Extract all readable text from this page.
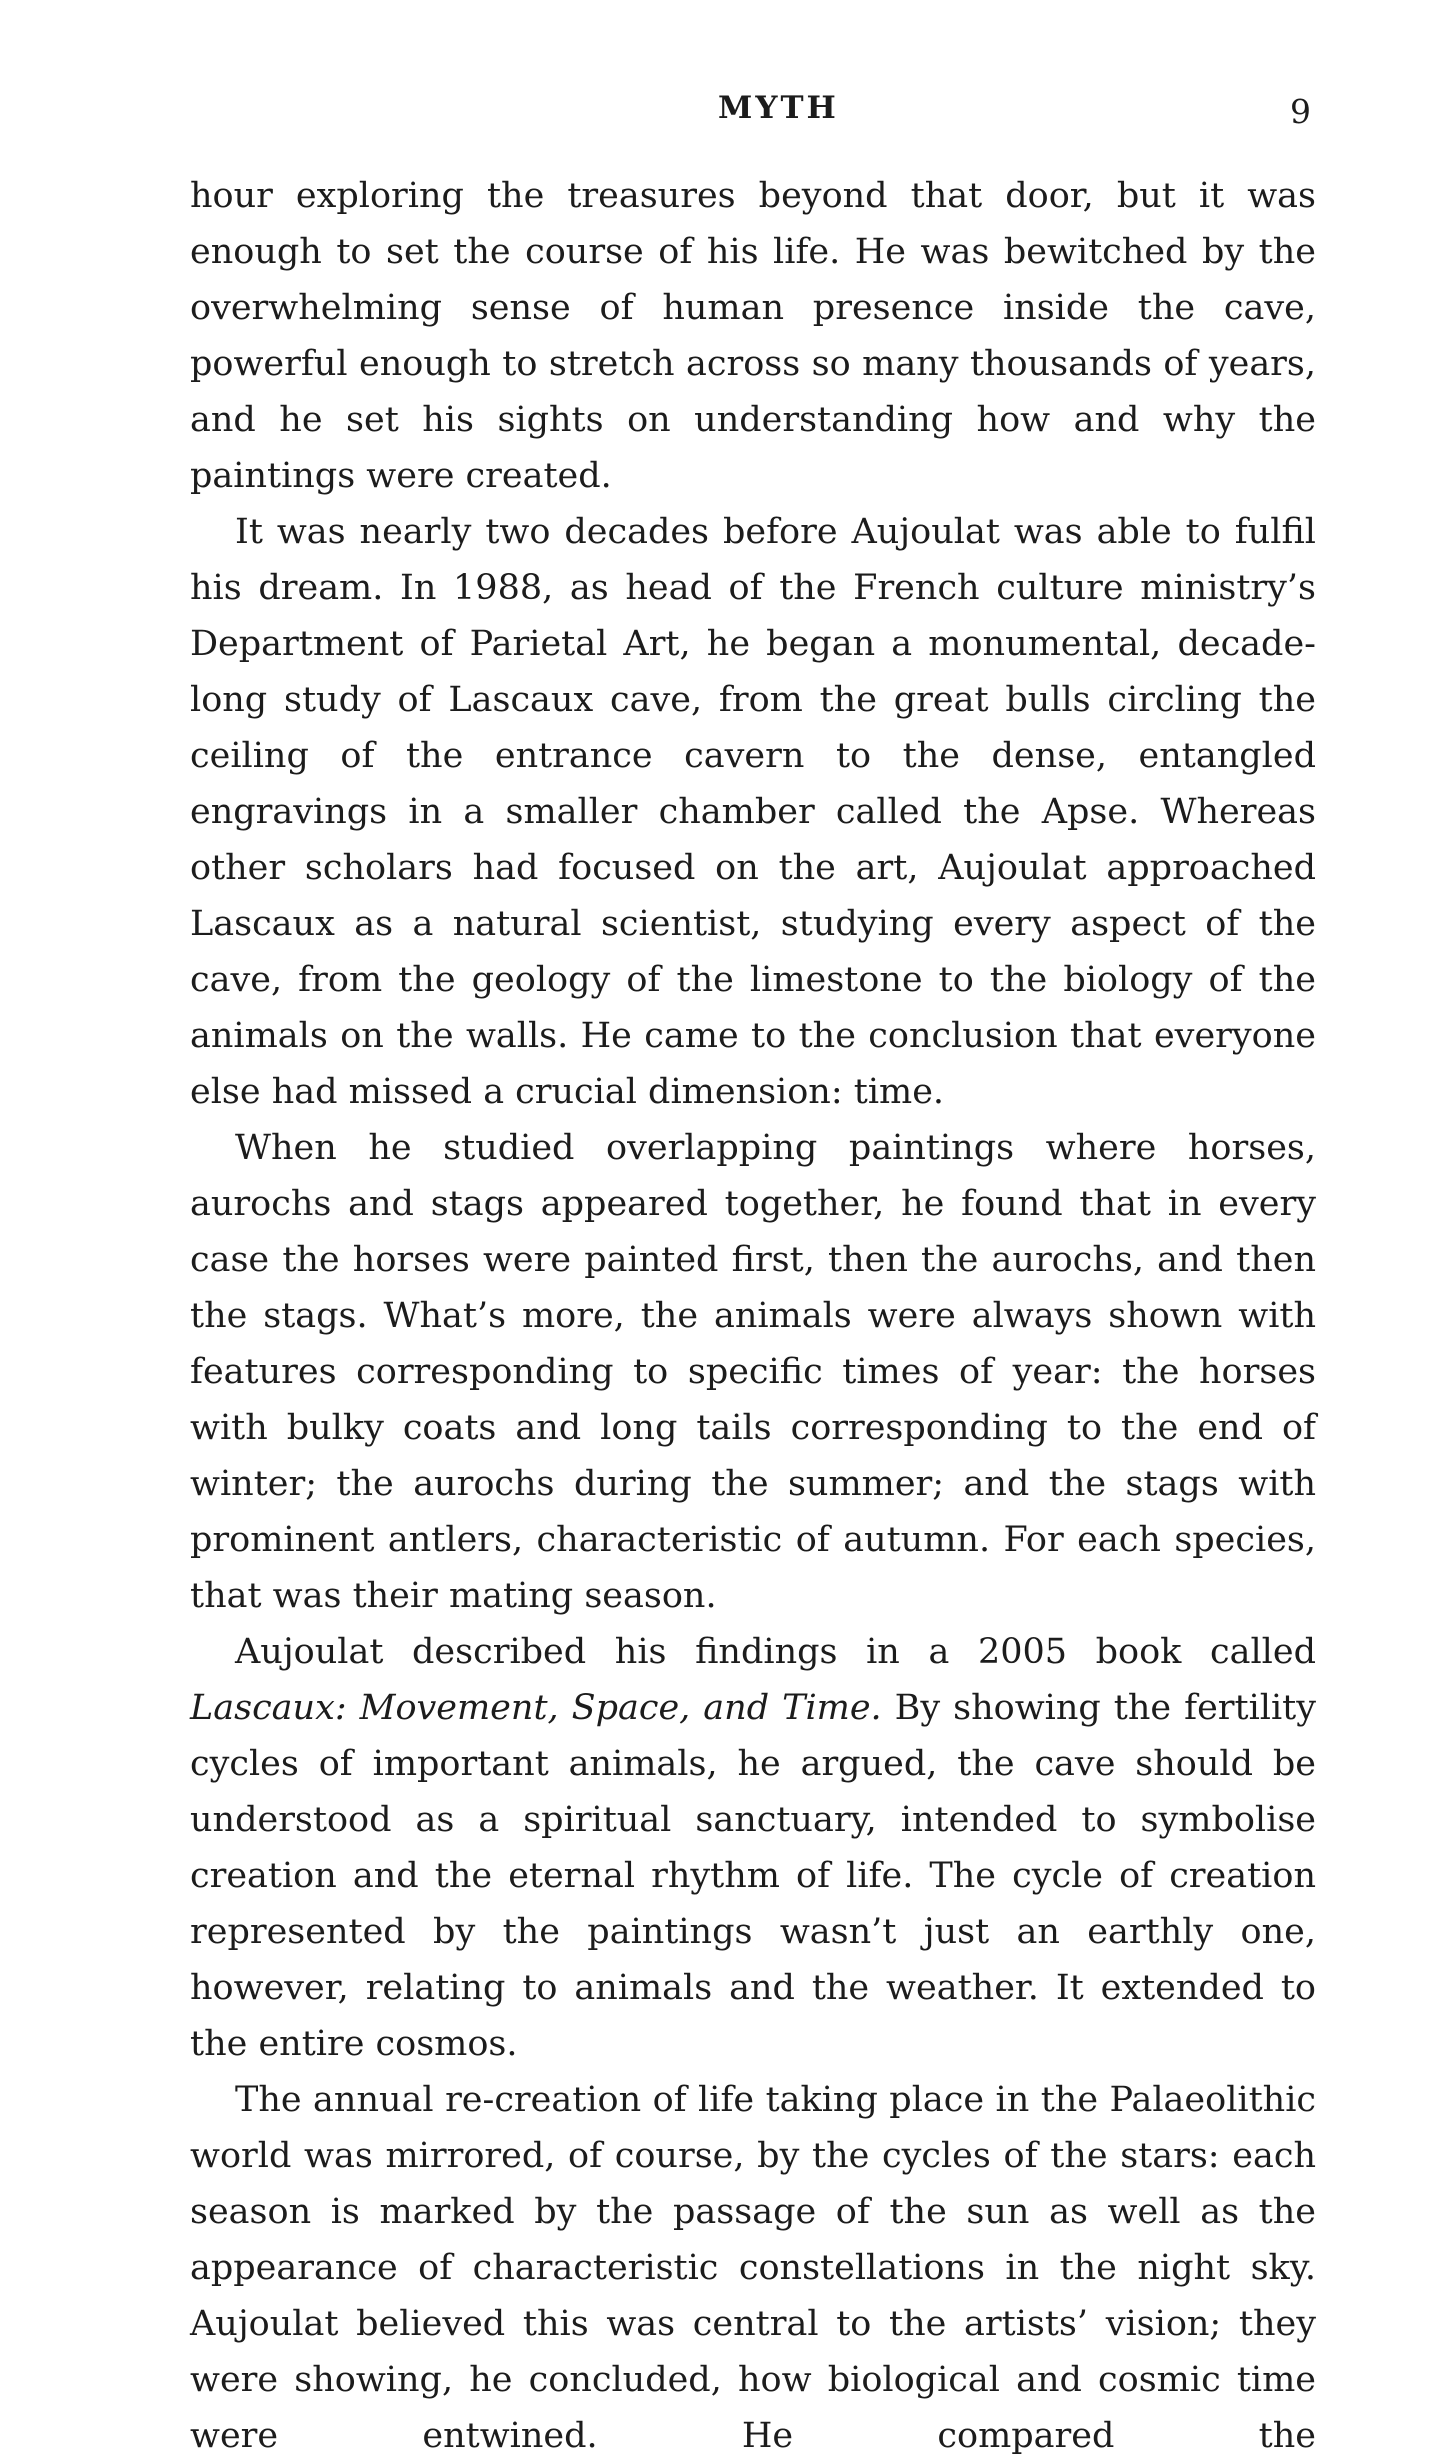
MYTH	9

hour exploring the treasures beyond that door, but it was enough to set the course of his life. He was bewitched by the overwhelming sense of human presence inside the cave, powerful enough to stretch across so many thousands of years, and he set his sights on understanding how and why the paintings were created.

It was nearly two decades before Aujoulat was able to fulfil his dream. In 1988, as head of the French culture ministry’s Department of Parietal Art, he began a monumental, decade-long study of Lascaux cave, from the great bulls circling the ceiling of the entrance cavern to the dense, entangled engravings in a smaller chamber called the Apse. Whereas other scholars had focused on the art, Aujoulat approached Lascaux as a natural scientist, studying every aspect of the cave, from the geology of the limestone to the biology of the animals on the walls. He came to the conclusion that everyone else had missed a crucial dimension: time.

When he studied overlapping paintings where horses, aurochs and stags appeared together, he found that in every case the horses were painted first, then the aurochs, and then the stags. What’s more, the animals were always shown with features corresponding to specific times of year: the horses with bulky coats and long tails corresponding to the end of winter; the aurochs during the summer; and the stags with prominent antlers, characteristic of autumn. For each species, that was their mating season.

Aujoulat described his findings in a 2005 book called Lascaux: Movement, Space, and Time. By showing the fertility cycles of important animals, he argued, the cave should be understood as a spiritual sanctuary, intended to symbolise creation and the eternal rhythm of life. The cycle of creation represented by the paintings wasn’t just an earthly one, however, relating to animals and the weather. It extended to the entire cosmos.

The annual re-creation of life taking place in the Palaeolithic world was mirrored, of course, by the cycles of the stars: each season is marked by the passage of the sun as well as the appearance of characteristic constellations in the night sky. Aujoulat believed this was central to the artists’ vision; they were showing, he concluded, how biological and cosmic time were entwined. He compared the
